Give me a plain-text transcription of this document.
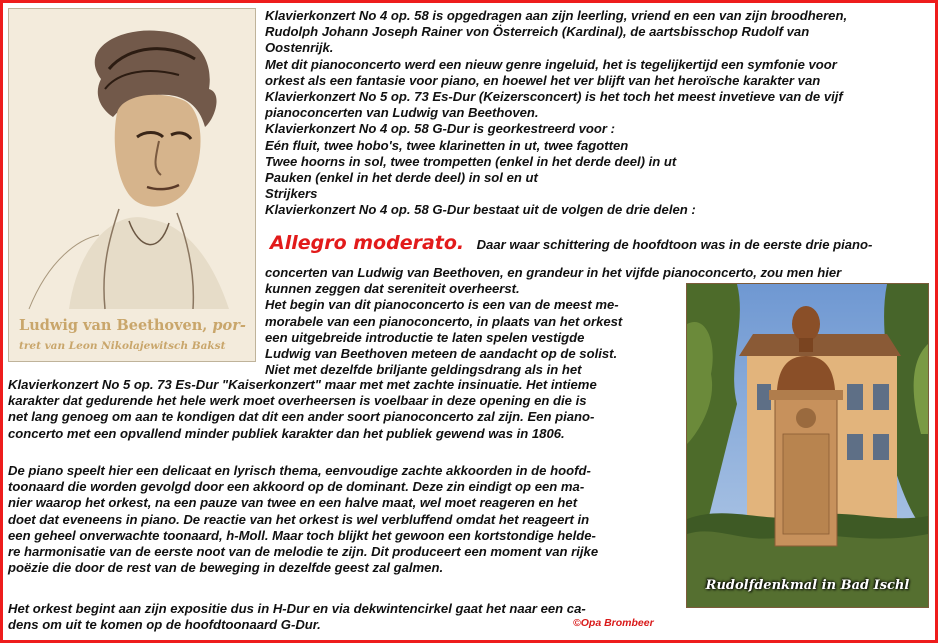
Ludwig van Beethoven, por-
tret van Leon Nikolajewitsch Bakst
Klavierkonzert No 4 op. 58 is opgedragen aan zijn leerling, vriend en een van zijn broodheren,
Rudolph Johann Joseph Rainer von Österreich (Kardinal), de aartsbisschop Rudolf van
Oostenrijk.
Met dit pianoconcerto werd een nieuw genre ingeluid, het is tegelijkertijd een symfonie voor
orkest als een fantasie voor piano, en hoewel het ver blijft van het heroïsche karakter van
Klavierkonzert No 5 op. 73 Es-Dur (Keizersconcert) is het toch het meest invetieve van de vijf
pianoconcerten van Ludwig van Beethoven.
Klavierkonzert No 4 op. 58 G-Dur is georkestreerd voor :
Eén fluit, twee hobo's, twee klarinetten in ut, twee fagotten
Twee hoorns in sol, twee trompetten (enkel in het derde deel) in ut
Pauken (enkel in het derde deel) in sol en ut
Strijkers
Klavierkonzert No 4 op. 58 G-Dur bestaat uit de volgen de drie delen :
Allegro moderato. Daar waar schittering de hoofdtoon was in de eerste drie piano-
concerten van Ludwig van Beethoven, en grandeur in het vijfde pianoconcerto, zou men hier
kunnen zeggen dat sereniteit overheerst.
Het begin van dit pianoconcerto is een van de meest me-
morabele van een pianoconcerto, in plaats van het orkest
een uitgebreide introductie te laten spelen vestigde
Ludwig van Beethoven meteen de aandacht op de solist.
Niet met dezelfde briljante geldingsdrang als in het
Klavierkonzert No 5 op. 73 Es-Dur "Kaiserkonzert" maar met met zachte insinuatie. Het intieme
karakter dat gedurende het hele werk moet overheersen is voelbaar in deze opening en die is
net lang genoeg om aan te kondigen dat dit een ander soort pianoconcerto zal zijn. Een piano-
concerto met een opvallend minder publiek karakter dan het publiek gewend was in 1806.
De piano speelt hier een delicaat en lyrisch thema, eenvoudige zachte akkoorden in de hoofd-
toonaard die worden gevolgd door een akkoord op de dominant. Deze zin eindigt op een ma-
nier waarop het orkest, na een pauze van twee en een halve maat, wel moet reageren en het
doet dat eveneens in piano. De reactie van het orkest is wel verbluffend omdat het reageert in
een geheel onverwachte toonaard, h-Moll. Maar toch blijkt het gewoon een kortstondige helde-
re harmonisatie van de eerste noot van de melodie te zijn. Dit produceert een moment van rijke
poëzie die door de rest van de beweging in dezelfde geest zal galmen.
Het orkest begint aan zijn expositie dus in H-Dur en via dekwintencirkel gaat het naar een ca-
dens om uit te komen op de hoofdtoonaard G-Dur.
Rudolfdenkmal in Bad Ischl
©Opa Brombeer
